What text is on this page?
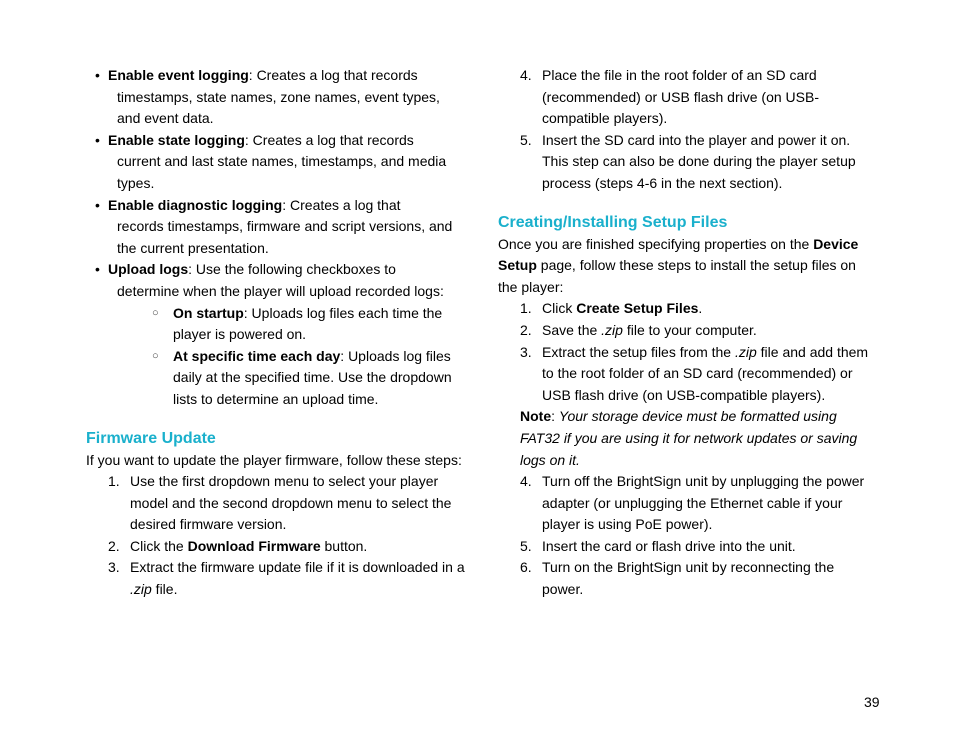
• Enable event logging: Creates a log that records
timestamps, state names, zone names, event types, and event data.
• Enable state logging: Creates a log that records
current and last state names, timestamps, and media types.
• Enable diagnostic logging: Creates a log that
records timestamps, firmware and script versions, and the current presentation.
• Upload logs: Use the following checkboxes to
determine when the player will upload recorded logs:
○ On startup: Uploads log files each time the player is powered on.
○ At specific time each day: Uploads log files daily at the specified time. Use the dropdown lists to determine an upload time.
Firmware Update
If you want to update the player firmware, follow these steps:
1. Use the first dropdown menu to select your player model and the second dropdown menu to select the desired firmware version.
2. Click the Download Firmware button.
3. Extract the firmware update file if it is downloaded in a .zip file.
4. Place the file in the root folder of an SD card (recommended) or USB flash drive (on USB-compatible players).
5. Insert the SD card into the player and power it on. This step can also be done during the player setup process (steps 4-6 in the next section).
Creating/Installing Setup Files
Once you are finished specifying properties on the Device Setup page, follow these steps to install the setup files on the player:
1. Click Create Setup Files.
2. Save the .zip file to your computer.
3. Extract the setup files from the .zip file and add them to the root folder of an SD card (recommended) or USB flash drive (on USB-compatible players).
Note: Your storage device must be formatted using FAT32 if you are using it for network updates or saving logs on it.
4. Turn off the BrightSign unit by unplugging the power adapter (or unplugging the Ethernet cable if your player is using PoE power).
5. Insert the card or flash drive into the unit.
6. Turn on the BrightSign unit by reconnecting the power.
39
